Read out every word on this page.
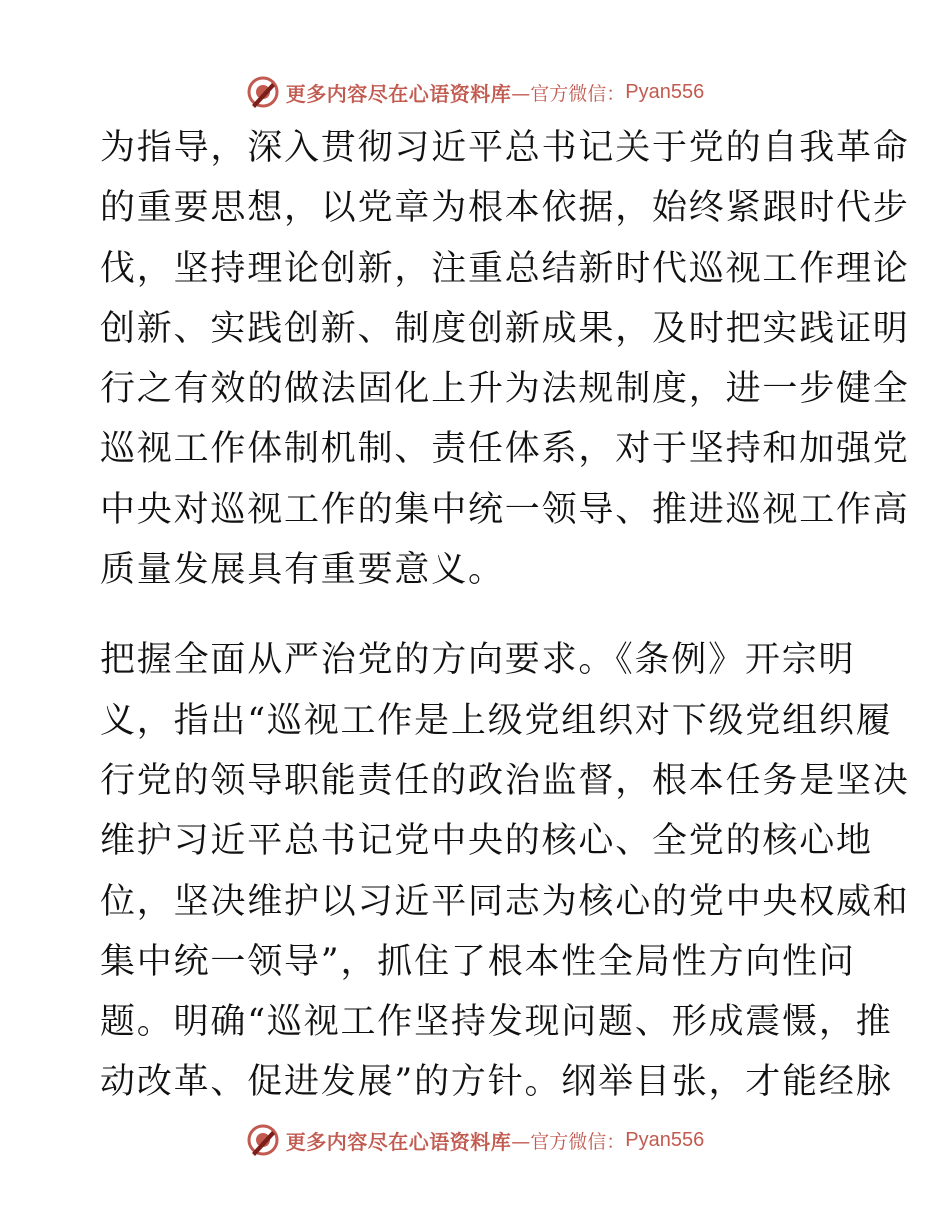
更多内容尽在心语资料库 —官方微信： Pyan556
为指导，深入贯彻习近平总书记关于党的自我革命
的重要思想，以党章为根本依据，始终紧跟时代步
伐，坚持理论创新，注重总结新时代巡视工作理论
创新、实践创新、制度创新成果，及时把实践证明
行之有效的做法固化上升为法规制度，进一步健全
巡视工作体制机制、责任体系，对于坚持和加强党
中央对巡视工作的集中统一领导、推进巡视工作高
质量发展具有重要意义。
把握全面从严治党的方向要求。《条例》开宗明
义，指出“巡视工作是上级党组织对下级党组织履
行党的领导职能责任的政治监督，根本任务是坚决
维护习近平总书记党中央的核心、全党的核心地
位，坚决维护以习近平同志为核心的党中央权威和
集中统一领导”，抓住了根本性全局性方向性问
题。明确“巡视工作坚持发现问题、形成震慑，推
动改革、促进发展”的方针。纲举目张，才能经脉
更多内容尽在心语资料库 —官方微信： Pyan556
